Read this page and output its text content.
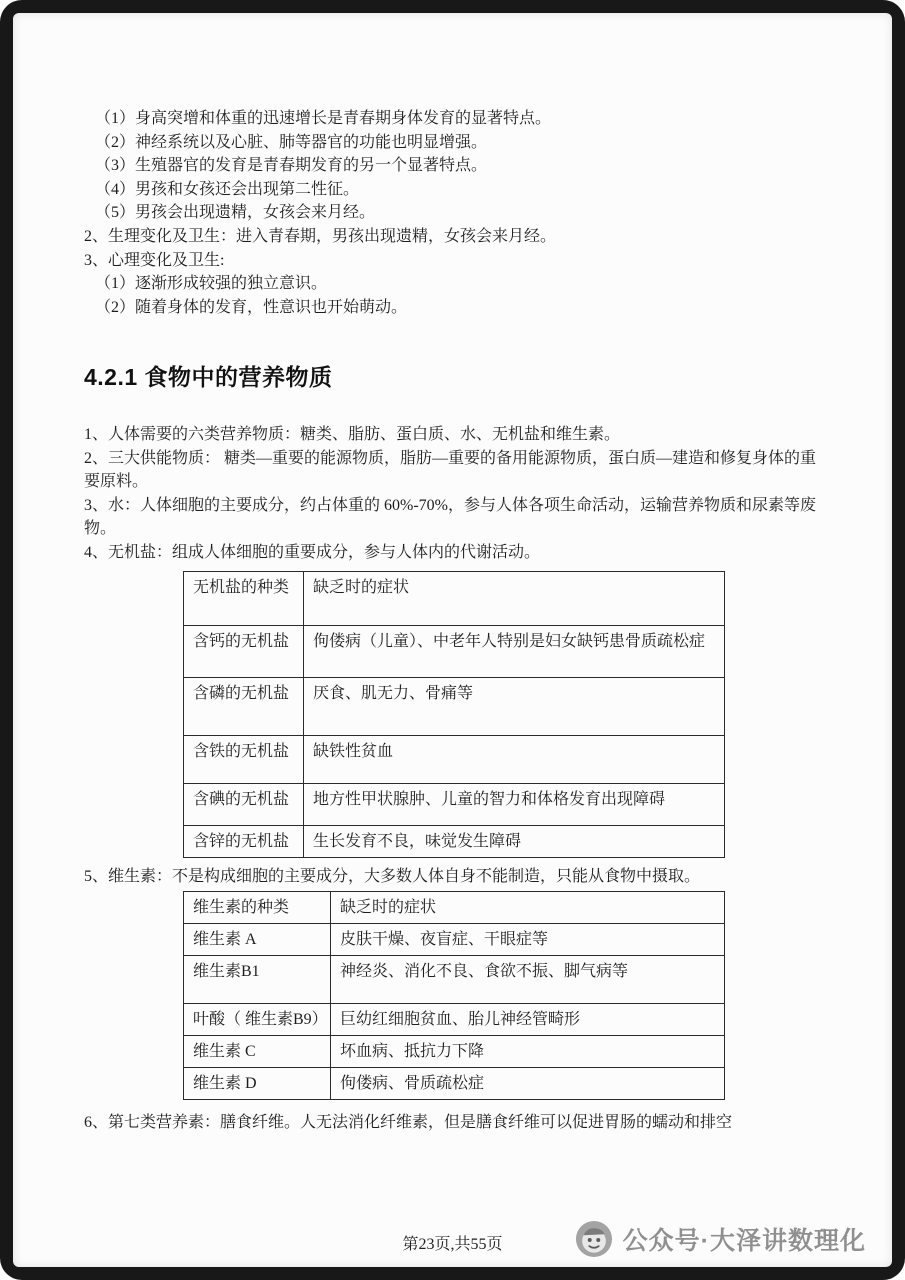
（1）身高突增和体重的迅速增长是青春期身体发育的显著特点。

（2）神经系统以及心脏、肺等器官的功能也明显增强。

（3）生殖器官的发育是青春期发育的另一个显著特点。

（4）男孩和女孩还会出现第二性征。

（5）男孩会出现遗精，女孩会来月经。

2、生理变化及卫生：进入青春期，男孩出现遗精，女孩会来月经。

3、心理变化及卫生:

（1）逐渐形成较强的独立意识。

（2）随着身体的发育，性意识也开始萌动。

4.2.1 食物中的营养物质

1、人体需要的六类营养物质：糖类、脂肪、蛋白质、水、无机盐和维生素。

2、三大供能物质： 糖类—重要的能源物质，脂肪—重要的备用能源物质，蛋白质—建造和修复身体的重要原料。

3、水：人体细胞的主要成分，约占体重的 60%-70%，参与人体各项生命活动，运输营养物质和尿素等废物。

4、无机盐：组成人体细胞的重要成分，参与人体内的代谢活动。

无机盐的种类	缺乏时的症状
含钙的无机盐	佝偻病（儿童）、中老年人特别是妇女缺钙患骨质疏松症
含磷的无机盐	厌食、肌无力、骨痛等
含铁的无机盐	缺铁性贫血
含碘的无机盐	地方性甲状腺肿、儿童的智力和体格发育出现障碍
含锌的无机盐	生长发育不良，味觉发生障碍

5、维生素：不是构成细胞的主要成分，大多数人体自身不能制造，只能从食物中摄取。

维生素的种类	缺乏时的症状
维生素 A	皮肤干燥、夜盲症、干眼症等
维生素B1	神经炎、消化不良、食欲不振、脚气病等
叶酸（ 维生素B9）	巨幼红细胞贫血、胎儿神经管畸形
维生素 C	坏血病、抵抗力下降
维生素 D	佝偻病、骨质疏松症

6、第七类营养素：膳食纤维。人无法消化纤维素，但是膳食纤维可以促进胃肠的蠕动和排空

第23页,共55页	公众号·大泽讲数理化
